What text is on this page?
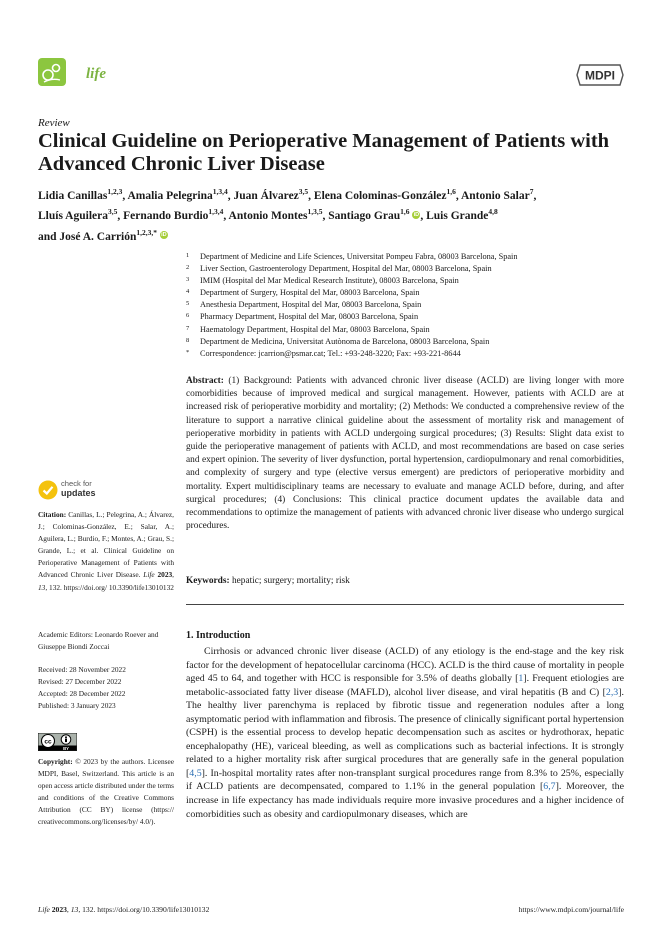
life	MDPI
Review
Clinical Guideline on Perioperative Management of Patients with Advanced Chronic Liver Disease
Lidia Canillas$^{1,2,3}$, Amalia Pelegrina$^{1,3,4}$, Juan Álvarez$^{3,5}$, Elena Colominas-González$^{1,6}$, Antonio Salar$^7$,
Lluís Aguilera$^{3,5}$, Fernando Burdio$^{1,3,4}$, Antonio Montes$^{1,3,5}$, Santiago Grau$^{1,6}$ iD, Luis Grande$^{4,8}$
and José A. Carrión$^{1,2,3,*}$ iD
1	Department of Medicine and Life Sciences, Universitat Pompeu Fabra, 08003 Barcelona, Spain
2	Liver Section, Gastroenterology Department, Hospital del Mar, 08003 Barcelona, Spain
3	IMIM (Hospital del Mar Medical Research Institute), 08003 Barcelona, Spain
4	Department of Surgery, Hospital del Mar, 08003 Barcelona, Spain
5	Anesthesia Department, Hospital del Mar, 08003 Barcelona, Spain
6	Pharmacy Department, Hospital del Mar, 08003 Barcelona, Spain
7	Haematology Department, Hospital del Mar, 08003 Barcelona, Spain
8	Department de Medicina, Universitat Autònoma de Barcelona, 08003 Barcelona, Spain
*	Correspondence: jcarrion@psmar.cat; Tel.: +93-248-3220; Fax: +93-221-8644
Abstract: (1) Background: Patients with advanced chronic liver disease (ACLD) are living longer with more comorbidities because of improved medical and surgical management. However, patients with ACLD are at increased risk of perioperative morbidity and mortality; (2) Methods: We conducted a comprehensive review of the literature to support a narrative clinical guideline about the assessment of mortality risk and management of perioperative morbidity in patients with ACLD undergoing surgical procedures; (3) Results: Slight data exist to guide the perioperative management of patients with ACLD, and most recommendations are based on case series and expert opinion. The severity of liver dysfunction, portal hypertension, cardiopulmonary and renal comorbidities, and complexity of surgery and type (elective versus emergent) are predictors of perioperative morbidity and mortality. Expert multidisciplinary teams are necessary to evaluate and manage ACLD before, during, and after surgical procedures; (4) Conclusions: This clinical practice document updates the available data and recommendations to optimize the management of patients with advanced chronic liver disease who undergo surgical procedures.
Keywords: hepatic; surgery; mortality; risk
check for
updates
Citation: Canillas, L.; Pelegrina, A.; Álvarez, J.; Colominas-González, E.; Salar, A.; Aguilera, L.; Burdio, F.; Montes, A.; Grau, S.; Grande, L.; et al. Clinical Guideline on Perioperative Management of Patients with Advanced Chronic Liver Disease. Life 2023, 13, 132. https://doi.org/ 10.3390/life13010132
Academic Editors: Leonardo Roever and Giuseppe Biondi Zoccai
Received: 28 November 2022
Revised: 27 December 2022
Accepted: 28 December 2022
Published: 3 January 2023
cc
BY
Copyright: © 2023 by the authors. Licensee MDPI, Basel, Switzerland. This article is an open access article distributed under the terms and conditions of the Creative Commons Attribution (CC BY) license (https:// creativecommons.org/licenses/by/ 4.0/).
1. Introduction
Cirrhosis or advanced chronic liver disease (ACLD) of any etiology is the end-stage and the key risk factor for the development of hepatocellular carcinoma (HCC). ACLD is the third cause of mortality in people aged 45 to 64, and together with HCC is responsible for 3.5% of deaths globally [1]. Frequent etiologies are metabolic-associated fatty liver disease (MAFLD), alcohol liver disease, and viral hepatitis (B and C) [2,3]. The healthy liver parenchyma is replaced by fibrotic tissue and regeneration nodules after a long asymptomatic period with inflammation and fibrosis. The presence of clinically significant portal hypertension (CSPH) is the essential process to develop hepatic decompensation such as ascites or hydrothorax, hepatic encephalopathy (HE), variceal bleeding, as well as complications such as bacterial infections. It is strongly related to a higher mortality risk after surgical procedures that are generally safe in the general population [4,5]. In-hospital mortality rates after non-transplant surgical procedures range from 8.3% to 25%, especially if ACLD patients are decompensated, compared to 1.1% in the general population [6,7]. Moreover, the increase in life expectancy has made individuals require more invasive procedures and a higher incidence of comorbidities such as obesity and cardiopulmonary diseases, which are
Life 2023, 13, 132. https://doi.org/10.3390/life13010132	https://www.mdpi.com/journal/life
